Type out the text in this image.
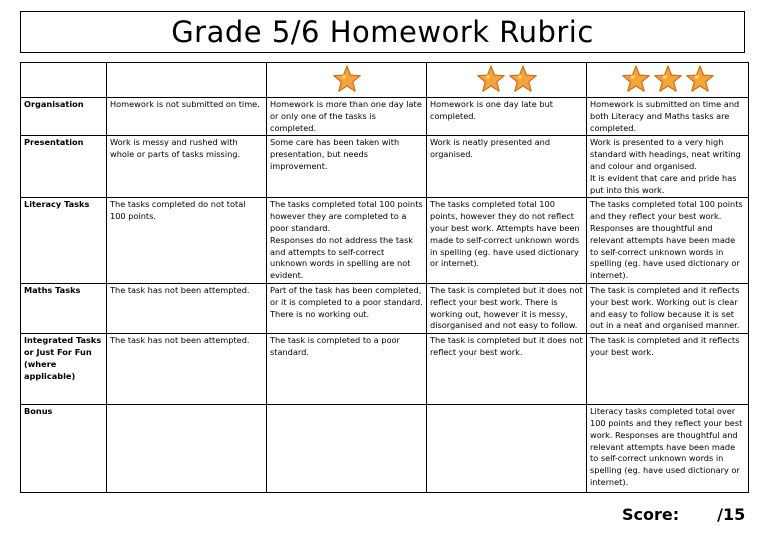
Grade 5/6 Homework Rubric

Organisation	Homework is not submitted on time.	Homework is more than one day late or only one of the tasks is completed.	Homework is one day late but completed.	Homework is submitted on time and both Literacy and Maths tasks are completed.

Presentation	Work is messy and rushed with whole or parts of tasks missing.	Some care has been taken with presentation, but needs improvement.	Work is neatly presented and organised.	Work is presented to a very high standard with headings, neat writing and colour and organised.
It is evident that care and pride has put into this work.

Literacy Tasks	The tasks completed do not total 100 points.	The tasks completed total 100 points however they are completed to a poor standard.
Responses do not address the task and attempts to self-correct unknown words in spelling are not evident.	The tasks completed total 100 points, however they do not reflect your best work. Attempts have been made to self-correct unknown words in spelling (eg. have used dictionary or internet).	The tasks completed total 100 points and they reflect your best work. Responses are thoughtful and relevant attempts have been made to self-correct unknown words in spelling (eg. have used dictionary or internet).

Maths Tasks	The task has not been attempted.	Part of the task has been completed, or it is completed to a poor standard.
There is no working out.	The task is completed but it does not reflect your best work. There is working out, however it is messy, disorganised and not easy to follow.	The task is completed and it reflects your best work. Working out is clear and easy to follow because it is set out in a neat and organised manner.

Integrated Tasks or Just For Fun (where applicable)	The task has not been attempted.	The task is completed to a poor standard.	The task is completed but it does not reflect your best work.	The task is completed and it reflects your best work.

Bonus				Literacy tasks completed total over 100 points and they reflect your best work. Responses are thoughtful and relevant attempts have been made to self-correct unknown words in spelling (eg. have used dictionary or internet).
Score: /15
